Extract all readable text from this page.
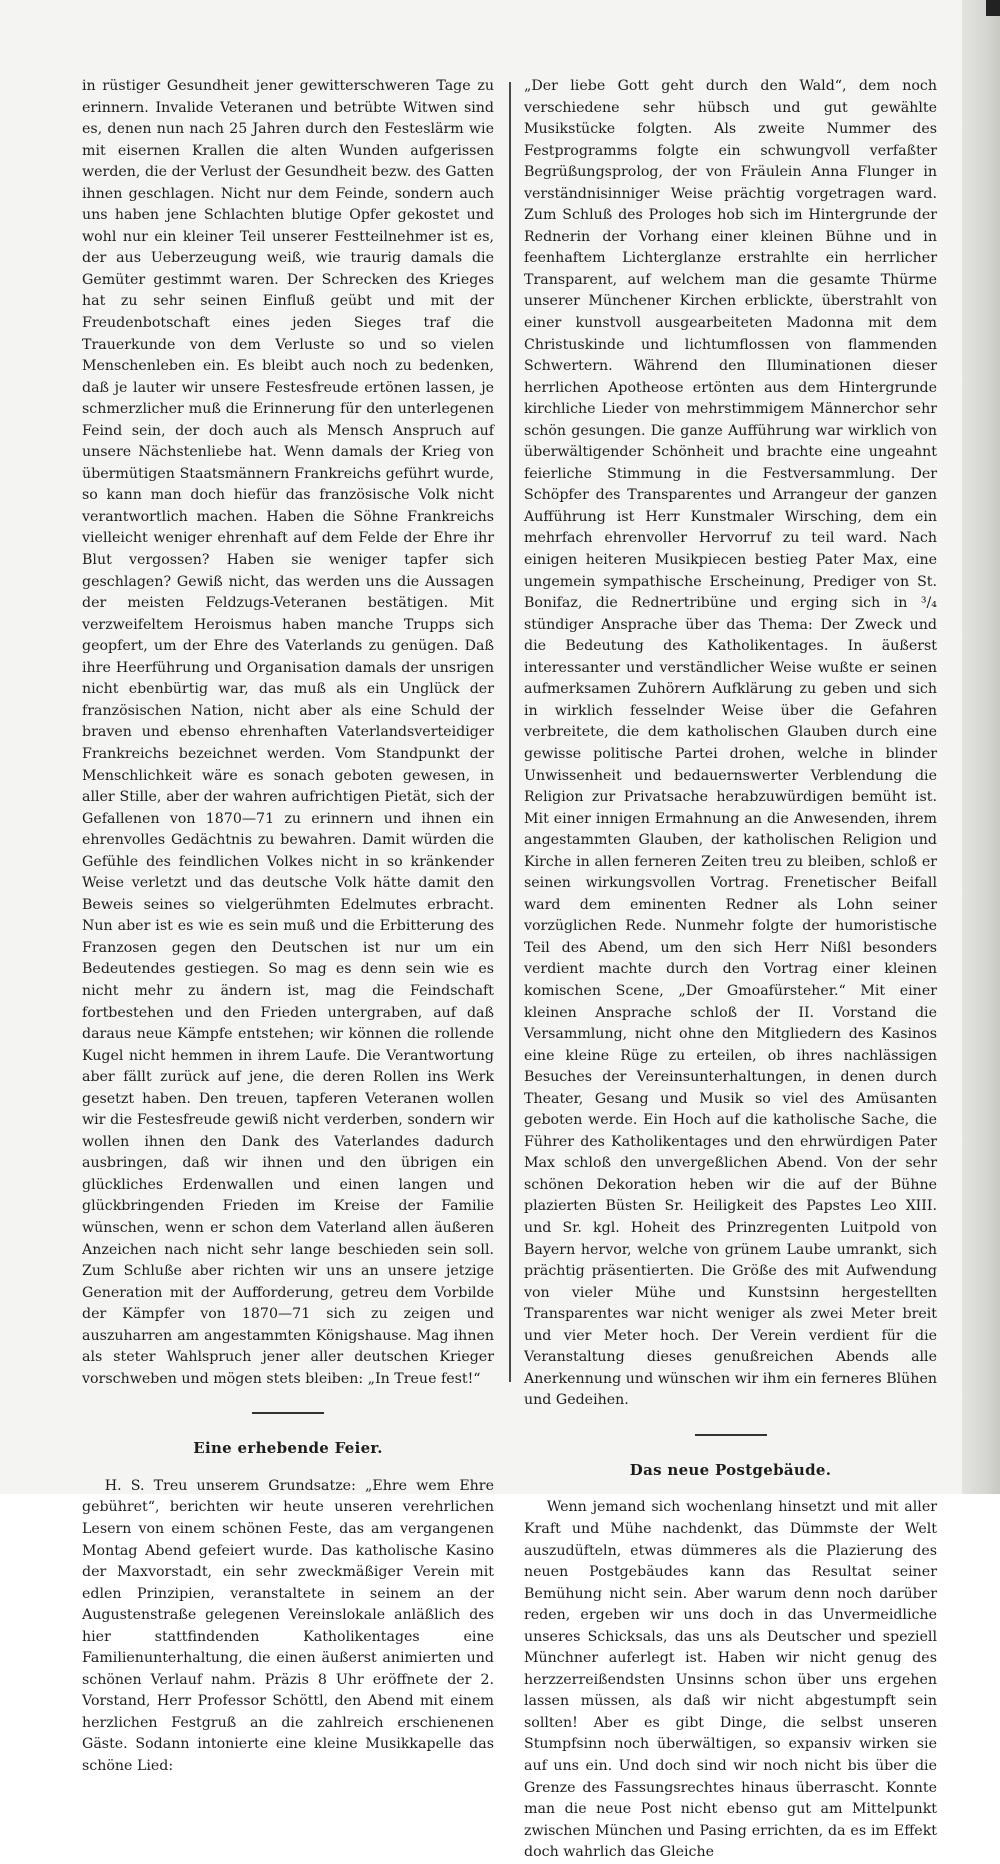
in rüstiger Gesundheit jener gewitterschweren Tage zu erinnern. Invalide Veteranen und betrübte Witwen sind es, denen nun nach 25 Jahren durch den Festeslärm wie mit eisernen Krallen die alten Wunden aufgerissen werden, die der Verlust der Gesundheit bezw. des Gatten ihnen geschlagen. Nicht nur dem Feinde, sondern auch uns haben jene Schlachten blutige Opfer gekostet und wohl nur ein kleiner Teil unserer Festteilnehmer ist es, der aus Ueberzeugung weiß, wie traurig damals die Gemüter gestimmt waren. Der Schrecken des Krieges hat zu sehr seinen Einfluß geübt und mit der Freudenbotschaft eines jeden Sieges traf die Trauerkunde von dem Verluste so und so vielen Menschenleben ein. Es bleibt auch noch zu bedenken, daß je lauter wir unsere Festesfreude ertönen lassen, je schmerzlicher muß die Erinnerung für den unterlegenen Feind sein, der doch auch als Mensch Anspruch auf unsere Nächstenliebe hat. Wenn damals der Krieg von übermütigen Staatsmännern Frankreichs geführt wurde, so kann man doch hiefür das französische Volk nicht verantwortlich machen. Haben die Söhne Frankreichs vielleicht weniger ehrenhaft auf dem Felde der Ehre ihr Blut vergossen? Haben sie weniger tapfer sich geschlagen? Gewiß nicht, das werden uns die Aussagen der meisten Feldzugs-Veteranen bestätigen. Mit verzweifeltem Heroismus haben manche Trupps sich geopfert, um der Ehre des Vaterlands zu genügen. Daß ihre Heerführung und Organisation damals der unsrigen nicht ebenbürtig war, das muß als ein Unglück der französischen Nation, nicht aber als eine Schuld der braven und ebenso ehrenhaften Vaterlandsverteidiger Frankreichs bezeichnet werden. Vom Standpunkt der Menschlichkeit wäre es sonach geboten gewesen, in aller Stille, aber der wahren aufrichtigen Pietät, sich der Gefallenen von 1870—71 zu erinnern und ihnen ein ehrenvolles Gedächtnis zu bewahren. Damit würden die Gefühle des feindlichen Volkes nicht in so kränkender Weise verletzt und das deutsche Volk hätte damit den Beweis seines so vielgerühmten Edelmutes erbracht. Nun aber ist es wie es sein muß und die Erbitterung des Franzosen gegen den Deutschen ist nur um ein Bedeutendes gestiegen. So mag es denn sein wie es nicht mehr zu ändern ist, mag die Feindschaft fortbestehen und den Frieden untergraben, auf daß daraus neue Kämpfe entstehen; wir können die rollende Kugel nicht hemmen in ihrem Laufe. Die Verantwortung aber fällt zurück auf jene, die deren Rollen ins Werk gesetzt haben. Den treuen, tapferen Veteranen wollen wir die Festesfreude gewiß nicht verderben, sondern wir wollen ihnen den Dank des Vaterlandes dadurch ausbringen, daß wir ihnen und den übrigen ein glückliches Erdenwallen und einen langen und glückbringenden Frieden im Kreise der Familie wünschen, wenn er schon dem Vaterland allen äußeren Anzeichen nach nicht sehr lange beschieden sein soll. Zum Schluße aber richten wir uns an unsere jetzige Generation mit der Aufforderung, getreu dem Vorbilde der Kämpfer von 1870—71 sich zu zeigen und auszuharren am angestammten Königshause. Mag ihnen als steter Wahlspruch jener aller deutschen Krieger vorschweben und mögen stets bleiben: „In Treue fest!“

Eine erhebende Feier.

H. S. Treu unserem Grundsatze: „Ehre wem Ehre gebühret“, berichten wir heute unseren verehrlichen Lesern von einem schönen Feste, das am vergangenen Montag Abend gefeiert wurde. Das katholische Kasino der Maxvorstadt, ein sehr zweckmäßiger Verein mit edlen Prinzipien, veranstaltete in seinem an der Augustenstraße gelegenen Vereinslokale anläßlich des hier stattfindenden Katholikentages eine Familienunterhaltung, die einen äußerst animierten und schönen Verlauf nahm. Präzis 8 Uhr eröffnete der 2. Vorstand, Herr Professor Schöttl, den Abend mit einem herzlichen Festgruß an die zahlreich erschienenen Gäste. Sodann intonierte eine kleine Musikkapelle das schöne Lied:

„Der liebe Gott geht durch den Wald“, dem noch verschiedene sehr hübsch und gut gewählte Musikstücke folgten. Als zweite Nummer des Festprogramms folgte ein schwungvoll verfaßter Begrüßungsprolog, der von Fräulein Anna Flunger in verständnisinniger Weise prächtig vorgetragen ward. Zum Schluß des Prologes hob sich im Hintergrunde der Rednerin der Vorhang einer kleinen Bühne und in feenhaftem Lichterglanze erstrahlte ein herrlicher Transparent, auf welchem man die gesamte Thürme unserer Münchener Kirchen erblickte, überstrahlt von einer kunstvoll ausgearbeiteten Madonna mit dem Christuskinde und lichtumflossen von flammenden Schwertern. Während den Illuminationen dieser herrlichen Apotheose ertönten aus dem Hintergrunde kirchliche Lieder von mehrstimmigem Männerchor sehr schön gesungen. Die ganze Aufführung war wirklich von überwältigender Schönheit und brachte eine ungeahnt feierliche Stimmung in die Festversammlung. Der Schöpfer des Transparentes und Arrangeur der ganzen Aufführung ist Herr Kunstmaler Wirsching, dem ein mehrfach ehrenvoller Hervorruf zu teil ward. Nach einigen heiteren Musikpiecen bestieg Pater Max, eine ungemein sympathische Erscheinung, Prediger von St. Bonifaz, die Rednertribüne und erging sich in ³/₄ stündiger Ansprache über das Thema: Der Zweck und die Bedeutung des Katholikentages. In äußerst interessanter und verständlicher Weise wußte er seinen aufmerksamen Zuhörern Aufklärung zu geben und sich in wirklich fesselnder Weise über die Gefahren verbreitete, die dem katholischen Glauben durch eine gewisse politische Partei drohen, welche in blinder Unwissenheit und bedauernswerter Verblendung die Religion zur Privatsache herabzuwürdigen bemüht ist. Mit einer innigen Ermahnung an die Anwesenden, ihrem angestammten Glauben, der katholischen Religion und Kirche in allen ferneren Zeiten treu zu bleiben, schloß er seinen wirkungsvollen Vortrag. Frenetischer Beifall ward dem eminenten Redner als Lohn seiner vorzüglichen Rede. Nunmehr folgte der humoristische Teil des Abend, um den sich Herr Nißl besonders verdient machte durch den Vortrag einer kleinen komischen Scene, „Der Gmoafürsteher.“ Mit einer kleinen Ansprache schloß der II. Vorstand die Versammlung, nicht ohne den Mitgliedern des Kasinos eine kleine Rüge zu erteilen, ob ihres nachlässigen Besuches der Vereinsunterhaltungen, in denen durch Theater, Gesang und Musik so viel des Amüsanten geboten werde. Ein Hoch auf die katholische Sache, die Führer des Katholikentages und den ehrwürdigen Pater Max schloß den unvergeßlichen Abend. Von der sehr schönen Dekoration heben wir die auf der Bühne plazierten Büsten Sr. Heiligkeit des Papstes Leo XIII. und Sr. kgl. Hoheit des Prinzregenten Luitpold von Bayern hervor, welche von grünem Laube umrankt, sich prächtig präsentierten. Die Größe des mit Aufwendung von vieler Mühe und Kunstsinn hergestellten Transparentes war nicht weniger als zwei Meter breit und vier Meter hoch. Der Verein verdient für die Veranstaltung dieses genußreichen Abends alle Anerkennung und wünschen wir ihm ein ferneres Blühen und Gedeihen.

Das neue Postgebäude.

Wenn jemand sich wochenlang hinsetzt und mit aller Kraft und Mühe nachdenkt, das Dümmste der Welt auszudüfteln, etwas dümmeres als die Plazierung des neuen Postgebäudes kann das Resultat seiner Bemühung nicht sein. Aber warum denn noch darüber reden, ergeben wir uns doch in das Unvermeidliche unseres Schicksals, das uns als Deutscher und speziell Münchner auferlegt ist. Haben wir nicht genug des herzzerreißendsten Unsinns schon über uns ergehen lassen müssen, als daß wir nicht abgestumpft sein sollten! Aber es gibt Dinge, die selbst unseren Stumpfsinn noch überwältigen, so expansiv wirken sie auf uns ein. Und doch sind wir noch nicht bis über die Grenze des Fassungsrechtes hinaus überrascht. Konnte man die neue Post nicht ebenso gut am Mittelpunkt zwischen München und Pasing errichten, da es im Effekt doch wahrlich das Gleiche
